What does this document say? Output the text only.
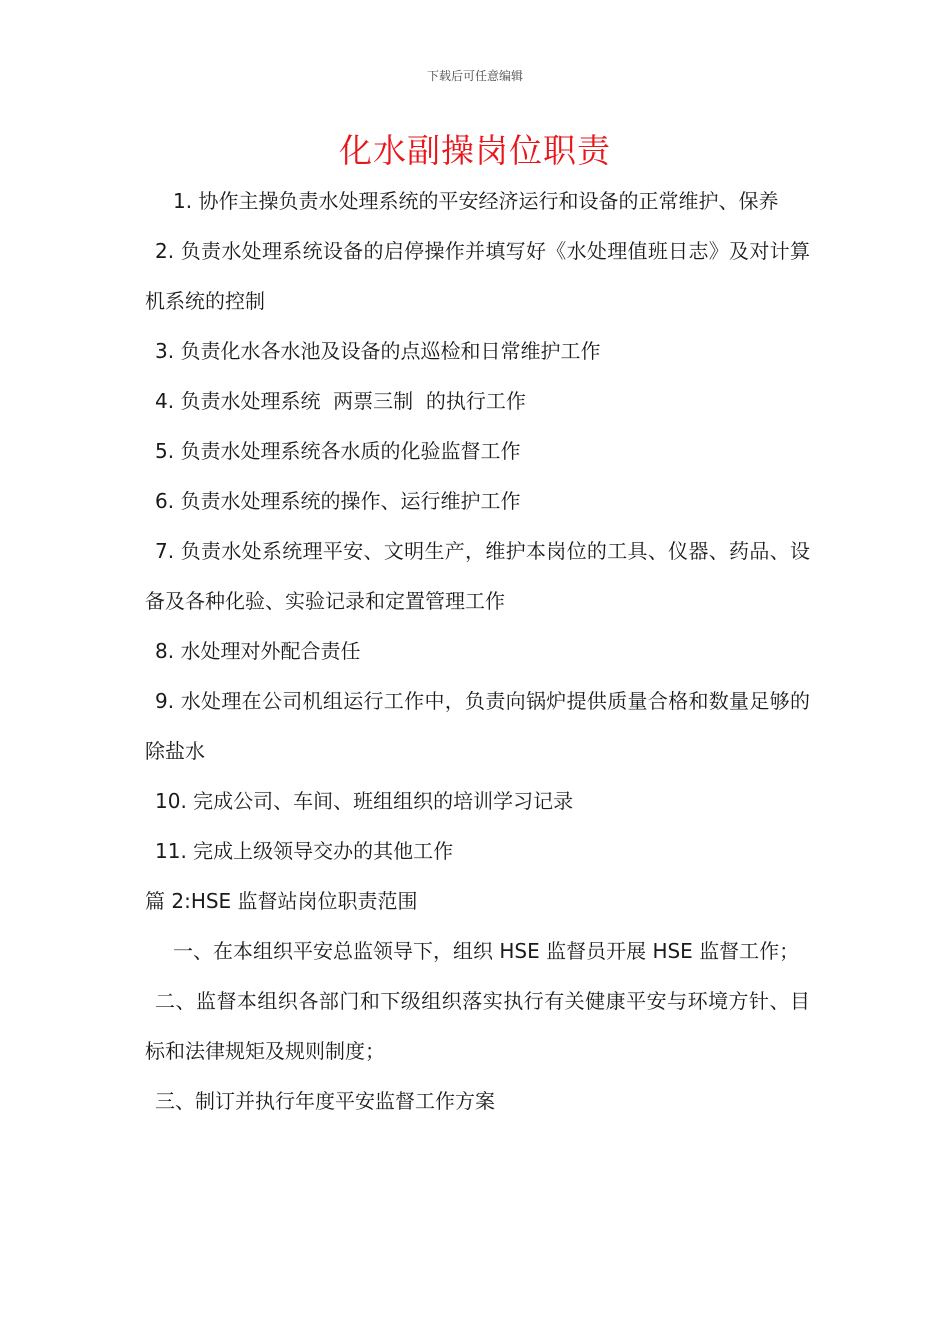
下载后可任意编辑
化水副操岗位职责

1. 协作主操负责水处理系统的平安经济运行和设备的正常维护、保养

2. 负责水处理系统设备的启停操作并填写好《水处理值班日志》及对计算机系统的控制

3. 负责化水各水池及设备的点巡检和日常维护工作

4. 负责水处理系统  两票三制  的执行工作

5. 负责水处理系统各水质的化验监督工作

6. 负责水处理系统的操作、运行维护工作

7. 负责水处系统理平安、文明生产，维护本岗位的工具、仪器、药品、设备及各种化验、实验记录和定置管理工作

8. 水处理对外配合责任

9. 水处理在公司机组运行工作中，负责向锅炉提供质量合格和数量足够的除盐水

10. 完成公司、车间、班组组织的培训学习记录

11. 完成上级领导交办的其他工作

篇 2:HSE 监督站岗位职责范围

一、在本组织平安总监领导下，组织 HSE 监督员开展 HSE 监督工作；

二、监督本组织各部门和下级组织落实执行有关健康平安与环境方针、目标和法律规矩及规则制度；

三、制订并执行年度平安监督工作方案
